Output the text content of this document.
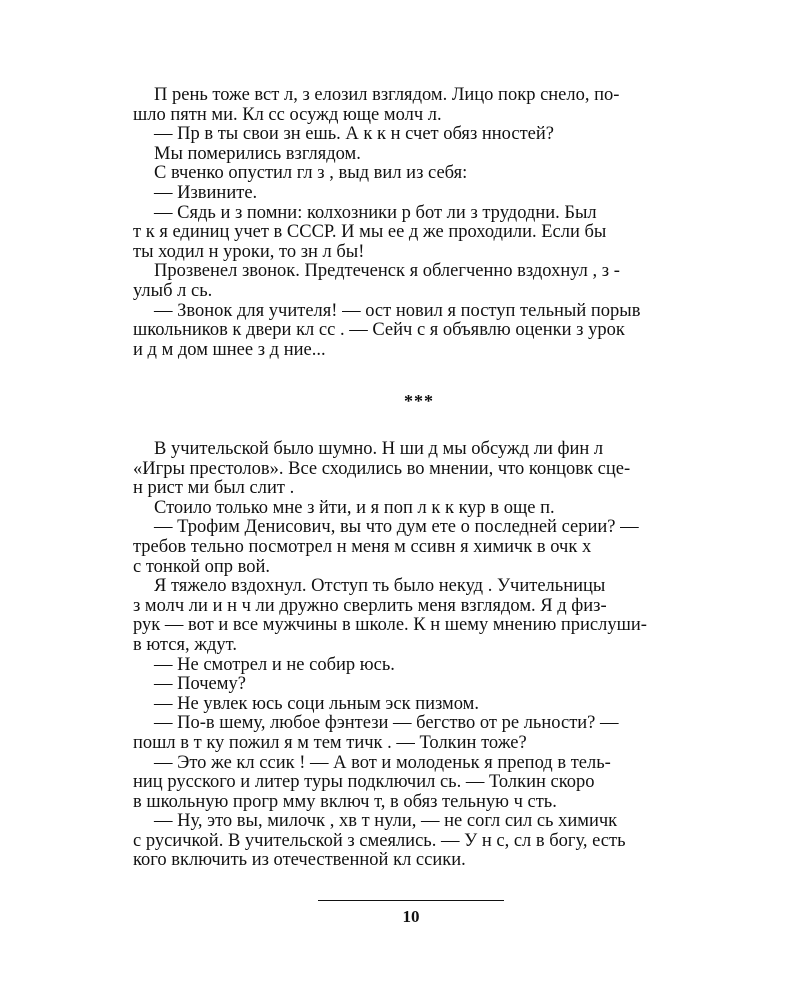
П рень тоже вст л, з елозил взглядом. Лицо покр снело, по-
шло пятн ми. Кл сс осужд юще молч л.
— Пр в ты свои зн ешь. А к к н счет обяз нностей?
Мы померились взглядом.
С вченко опустил гл з , выд вил из себя:
— Извините.
— Сядь и з помни: колхозники р бот ли з трудодни. Был
т к я единиц учет в СССР. И мы ее д же проходили. Если бы
ты ходил н уроки, то зн л бы!
Прозвенел звонок. Предтеченск я облегченно вздохнул , з -
улыб л сь.
— Звонок для учителя! — ост новил я поступ тельный порыв
школьников к двери кл сс . — Сейч с я объявлю оценки з урок
и д м дом шнее з д ние...
***
В учительской было шумно. Н ши д мы обсужд ли фин л
«Игры престолов». Все сходились во мнении, что концовк сце-
н рист ми был слит .
Стоило только мне з йти, и я поп л к к кур в още п.
— Трофим Денисович, вы что дум ете о последней серии? —
требов тельно посмотрел н меня м ссивн я химичк в очк х
с тонкой опр вой.
Я тяжело вздохнул. Отступ ть было некуд . Учительницы
з молч ли и н ч ли дружно сверлить меня взглядом. Я д физ-
рук — вот и все мужчины в школе. К н шему мнению прислуши-
в ются, ждут.
— Не смотрел и не собир юсь.
— Почему?
— Не увлек юсь соци льным эск пизмом.
— По-в шему, любое фэнтези — бегство от ре льности? —
пошл в т ку пожил я м тем тичк . — Толкин тоже?
— Это же кл ссик ! — А вот и молоденьк я препод в тель-
ниц русского и литер туры подключил сь. — Толкин скоро
в школьную прогр мму включ т, в обяз тельную ч сть.
— Ну, это вы, милочк , хв т нули, — не согл сил сь химичк
с русичкой. В учительской з смеялись. — У н с, сл в богу, есть
кого включить из отечественной кл ссики.
10
